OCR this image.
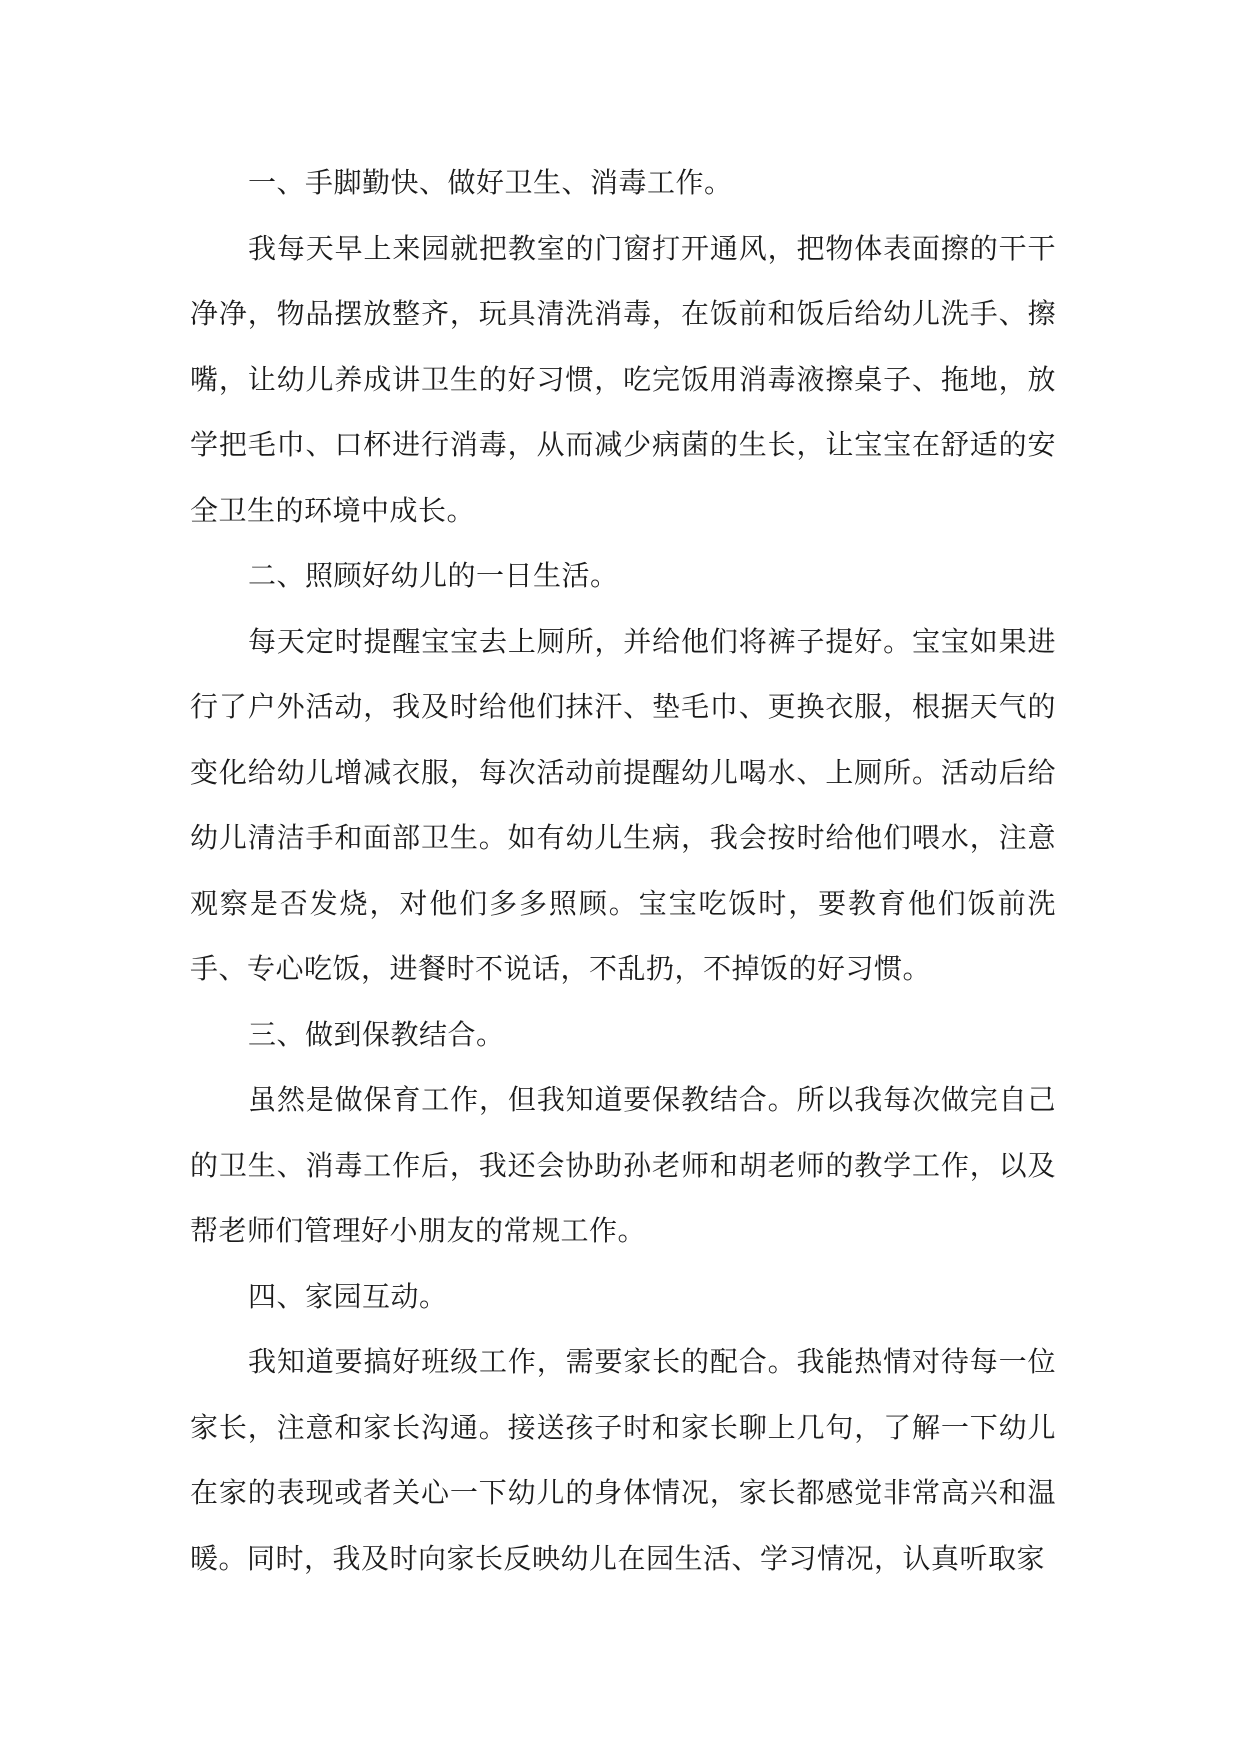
一、手脚勤快、做好卫生、消毒工作。

我每天早上来园就把教室的门窗打开通风，把物体表面擦的干干净净，物品摆放整齐，玩具清洗消毒，在饭前和饭后给幼儿洗手、擦嘴，让幼儿养成讲卫生的好习惯，吃完饭用消毒液擦桌子、拖地，放学把毛巾、口杯进行消毒，从而减少病菌的生长，让宝宝在舒适的安全卫生的环境中成长。

二、照顾好幼儿的一日生活。

每天定时提醒宝宝去上厕所，并给他们将裤子提好。宝宝如果进行了户外活动，我及时给他们抹汗、垫毛巾、更换衣服，根据天气的变化给幼儿增减衣服，每次活动前提醒幼儿喝水、上厕所。活动后给幼儿清洁手和面部卫生。如有幼儿生病，我会按时给他们喂水，注意观察是否发烧，对他们多多照顾。宝宝吃饭时，要教育他们饭前洗手、专心吃饭，进餐时不说话，不乱扔，不掉饭的好习惯。

三、做到保教结合。

虽然是做保育工作，但我知道要保教结合。所以我每次做完自己的卫生、消毒工作后，我还会协助孙老师和胡老师的教学工作，以及帮老师们管理好小朋友的常规工作。

四、家园互动。

我知道要搞好班级工作，需要家长的配合。我能热情对待每一位家长，注意和家长沟通。接送孩子时和家长聊上几句，了解一下幼儿在家的表现或者关心一下幼儿的身体情况，家长都感觉非常高兴和温暖。同时，我及时向家长反映幼儿在园生活、学习情况，认真听取家
